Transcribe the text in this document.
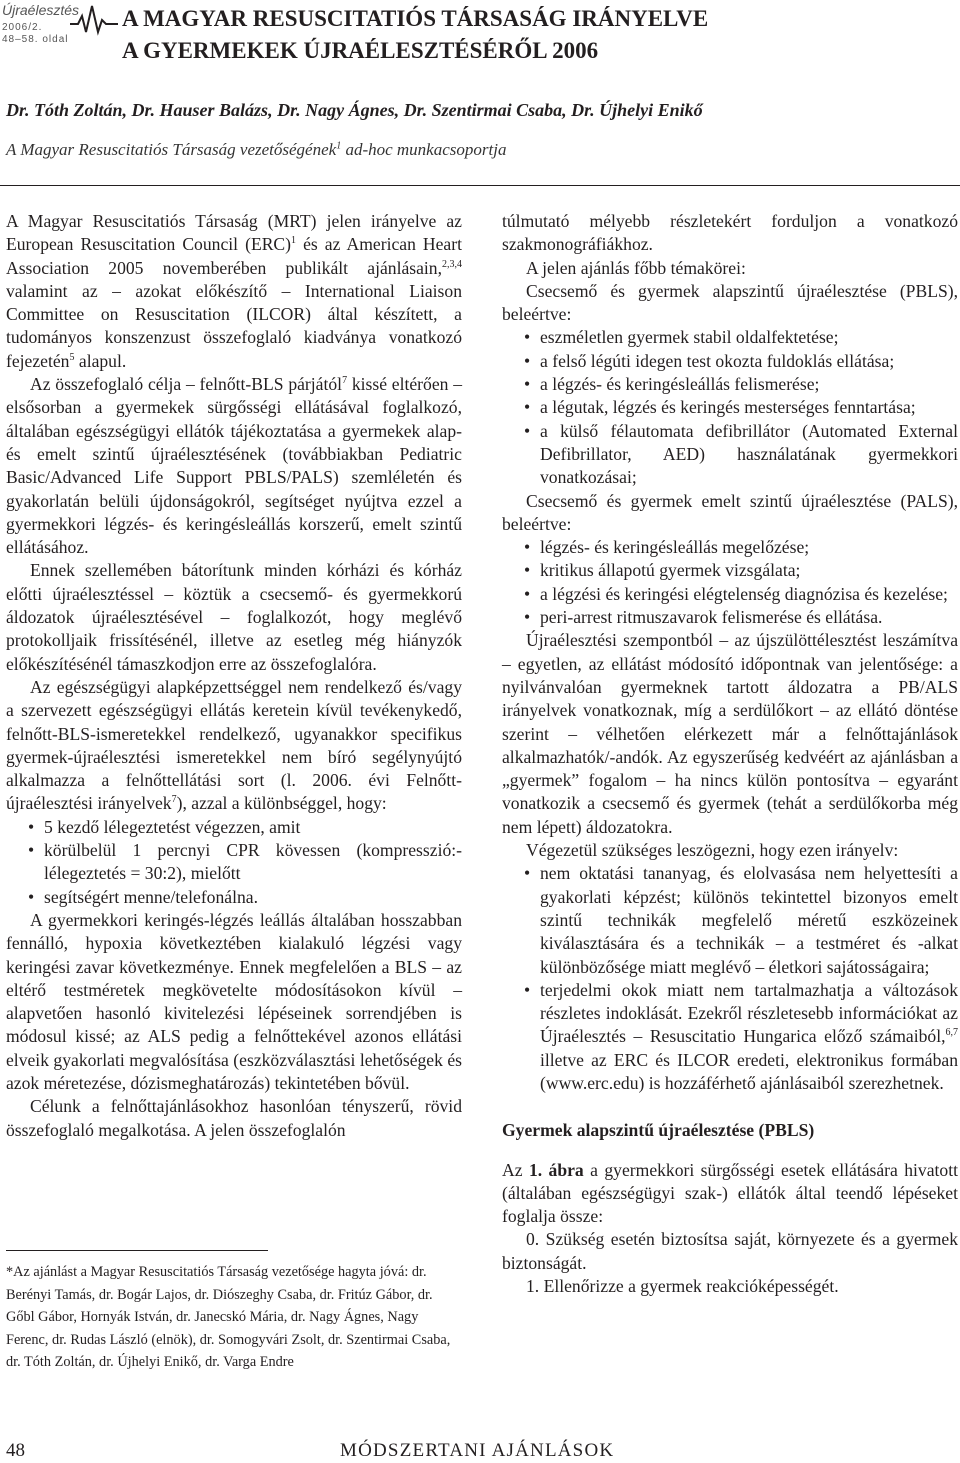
Újraélesztés
2006/2.
48–58. oldal
A MAGYAR RESUSCITATIÓS TÁRSASÁG IRÁNYELVE
A GYERMEKEK ÚJRAÉLESZTÉSÉRŐL 2006
Dr. Tóth Zoltán, Dr. Hauser Balázs, Dr. Nagy Ágnes, Dr. Szentirmai Csaba, Dr. Újhelyi Enikő
A Magyar Resuscitatiós Társaság vezetőségének$^1$ ad-hoc munkacsoportja

A Magyar Resuscitatiós Társaság (MRT) jelen irányelve az European Resuscitation Council (ERC)$^1$ és az American Heart Association 2005 novemberében publikált ajánlásain,$^{2,3,4}$ valamint az – azokat előkészítő – International Liaison Committee on Resuscitation (ILCOR) által készített, a tudományos konszenzust összefoglaló kiadványa vonatkozó fejezetén$^5$ alapul.

Az összefoglaló célja – felnőtt-BLS párjától$^7$ kissé eltérően – elsősorban a gyermekek sürgősségi ellátásával foglalkozó, általában egészségügyi ellátók tájékoztatása a gyermekek alap- és emelt szintű újraélesztésének (továbbiakban Pediatric Basic/Advanced Life Support PBLS/PALS) szemléletén és gyakorlatán belüli újdonságokról, segítséget nyújtva ezzel a gyermekkori légzés- és keringésleállás korszerű, emelt szintű ellátásához.

Ennek szellemében bátorítunk minden kórházi és kórház előtti újraélesztéssel – köztük a csecsemő- és gyermekkorú áldozatok újraélesztésével – foglalkozót, hogy meglévő protokolljaik frissítésénél, illetve az esetleg még hiányzók előkészítésénél támaszkodjon erre az összefoglalóra.

Az egészségügyi alapképzettséggel nem rendelkező és/vagy a szervezett egészségügyi ellátás keretein kívül tevékenykedő, felnőtt-BLS-ismeretekkel rendelkező, ugyanakkor specifikus gyermek-újraélesztési ismeretekkel nem bíró segélynyújtó alkalmazza a felnőttellátási sort (l. 2006. évi Felnőtt-újraélesztési irányelvek$^7$), azzal a különbséggel, hogy:

• 5 kezdő lélegeztetést végezzen, amit
• körülbelül 1 percnyi CPR kövessen (kompresszió:-lélegeztetés = 30:2), mielőtt
• segítségért menne/telefonálna.

A gyermekkori keringés-légzés leállás általában hosszabban fennálló, hypoxia következtében kialakuló légzési vagy keringési zavar következménye. Ennek megfelelően a BLS – az eltérő testméretek megkövetelte módosításokon kívül – alapvetően hasonló kivitelezési lépéseinek sorrendjében is módosul kissé; az ALS pedig a felnőttekével azonos ellátási elveik gyakorlati megvalósítása (eszközválasztási lehetőségek és azok méretezése, dózismeghatározás) tekintetében bővül.

Célunk a felnőttajánlásokhoz hasonlóan tényszerű, rövid összefoglaló megalkotása. A jelen összefoglalón

*Az ajánlást a Magyar Resuscitatiós Társaság vezetősége hagyta jóvá: dr. Berényi Tamás, dr. Bogár Lajos, dr. Diószeghy Csaba, dr. Fritúz Gábor, dr. Gőbl Gábor, Hornyák István, dr. Janecskó Mária, dr. Nagy Ágnes, Nagy Ferenc, dr. Rudas László (elnök), dr. Somogyvári Zsolt, dr. Szentirmai Csaba, dr. Tóth Zoltán, dr. Újhelyi Enikő, dr. Varga Endre

túlmutató mélyebb részletekért forduljon a vonatkozó szakmonográfiákhoz.

A jelen ajánlás főbb témakörei:

Csecsemő és gyermek alapszintű újraélesztése (PBLS), beleértve:

• eszméletlen gyermek stabil oldalfektetése;
• a felső légúti idegen test okozta fuldoklás ellátása;
• a légzés- és keringésleállás felismerése;
• a légutak, légzés és keringés mesterséges fenntartása;
• a külső félautomata defibrillátor (Automated External Defibrillator, AED) használatának gyermekkori vonatkozásai;

Csecsemő és gyermek emelt szintű újraélesztése (PALS), beleértve:

• légzés- és keringésleállás megelőzése;
• kritikus állapotú gyermek vizsgálata;
• a légzési és keringési elégtelenség diagnózisa és kezelése;
• peri-arrest ritmuszavarok felismerése és ellátása.

Újraélesztési szempontból – az újszülöttélesztést leszámítva – egyetlen, az ellátást módosító időpontnak van jelentősége: a nyilvánvalóan gyermeknek tartott áldozatra a PB/ALS irányelvek vonatkoznak, míg a serdülőkort – az ellátó döntése szerint – vélhetően elérkezett már a felnőttajánlások alkalmazhatók/-andók. Az egyszerűség kedvéért az ajánlásban a „gyermek” fogalom – ha nincs külön pontosítva – egyaránt vonatkozik a csecsemő és gyermek (tehát a serdülőkorba még nem lépett) áldozatokra.

Végezetül szükséges leszögezni, hogy ezen irányelv:

• nem oktatási tananyag, és elolvasása nem helyettesíti a gyakorlati képzést; különös tekintettel bizonyos emelt szintű technikák megfelelő méretű eszközeinek kiválasztására és a technikák – a testméret és -alkat különbözősége miatt meglévő – életkori sajátosságaira;
• terjedelmi okok miatt nem tartalmazhatja a változások részletes indoklását. Ezekről részletesebb információkat az Újraélesztés – Resuscitatio Hungarica előző számaiból,$^{6,7}$ illetve az ERC és ILCOR eredeti, elektronikus formában (www.erc.edu) is hozzáférhető ajánlásaiból szerezhetnek.
Gyermek alapszintű újraélesztése (PBLS)

Az 1. ábra a gyermekkori sürgősségi esetek ellátására hivatott (általában egészségügyi szak-) ellátók által teendő lépéseket foglalja össze:

0. Szükség esetén biztosítsa saját, környezete és a gyermek biztonságát.

1. Ellenőrizze a gyermek reakcióképességét.

48	MÓDSZERTANI AJÁNLÁSOK
